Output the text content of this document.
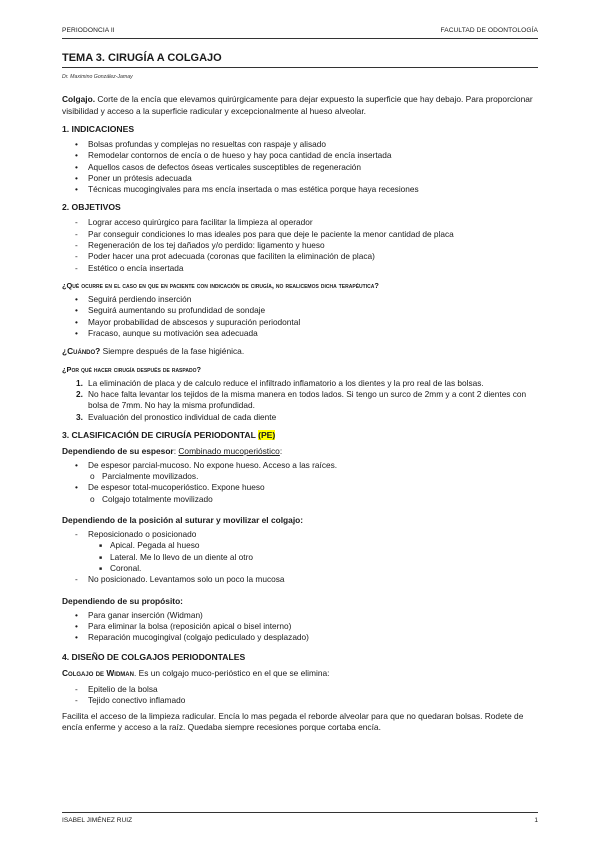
PERIODONCIA II	FACULTAD DE ODONTOLOGÍA
TEMA 3. CIRUGÍA A COLGAJO
Dr. Maximino González-Jamay

Colgajo. Corte de la encía que elevamos quirúrgicamente para dejar expuesto la superficie que hay debajo. Para proporcionar visibilidad y acceso a la superficie radicular y excepcionalmente al hueso alveolar.

1. INDICACIONES
• Bolsas profundas y complejas no resueltas con raspaje y alisado
• Remodelar contornos de encía o de hueso y hay poca cantidad de encía insertada
• Aquellos casos de defectos óseas verticales susceptibles de regeneración
• Poner un prótesis adecuada
• Técnicas mucogingivales para ms encía insertada o mas estética porque haya recesiones
2. OBJETIVOS
- Lograr acceso quirúrgico para facilitar la limpieza al operador
- Par conseguir condiciones lo mas ideales pos para que deje le paciente la menor cantidad de placa
- Regeneración de los tej dañados y/o perdido: ligamento y hueso
- Poder hacer una prot adecuada (coronas que faciliten la eliminación de placa)
- Estético o encía insertada
¿Qué ocurre en el caso en que en paciente con indicación de cirugía, no realicemos dicha terapéutica?
• Seguirá perdiendo inserción
• Seguirá aumentando su profundidad de sondaje
• Mayor probabilidad de abscesos y supuración periodontal
• Fracaso, aunque su motivación sea adecuada

¿Cuándo? Siempre después de la fase higiénica.

¿Por qué hacer cirugía después de raspado?
1. La eliminación de placa y de calculo reduce el infiltrado inflamatorio a los dientes y la pro real de las bolsas.
2. No hace falta levantar los tejidos de la misma manera en todos lados. Si tengo un surco de 2mm y a cont 2 dientes con bolsa de 7mm. No hay la misma profundidad.
3. Evaluación del pronostico individual de cada diente
3. CLASIFICACIÓN DE CIRUGÍA PERIODONTAL (PE)
Dependiendo de su espesor: Combinado mucoperióstico:
• De espesor parcial-mucoso. No expone hueso. Acceso a las raíces.
o Parcialmente movilizados.
• De espesor total-mucoperióstico. Expone hueso
o Colgajo totalmente movilizado
Dependiendo de la posición al suturar y movilizar el colgajo:
- Reposicionado o posicionado
■ Apical. Pegada al hueso
■ Lateral. Me lo llevo de un diente al otro
■ Coronal.
- No posicionado. Levantamos solo un poco la mucosa
Dependiendo de su propósito:
• Para ganar inserción (Widman)
• Para eliminar la bolsa (reposición apical o bisel interno)
• Reparación mucogingival (colgajo pediculado y desplazado)
4. DISEÑO DE COLGAJOS PERIODONTALES

Colgajo de Widman. Es un colgajo muco-perióstico en el que se elimina:

- Epitelio de la bolsa
- Tejido conectivo inflamado

Facilita el acceso de la limpieza radicular. Encía lo mas pegada el reborde alveolar para que no quedaran bolsas. Rodete de encía enferme y acceso a la raíz. Quedaba siempre recesiones porque cortaba encía.

ISABEL JIMÉNEZ RUIZ	1
